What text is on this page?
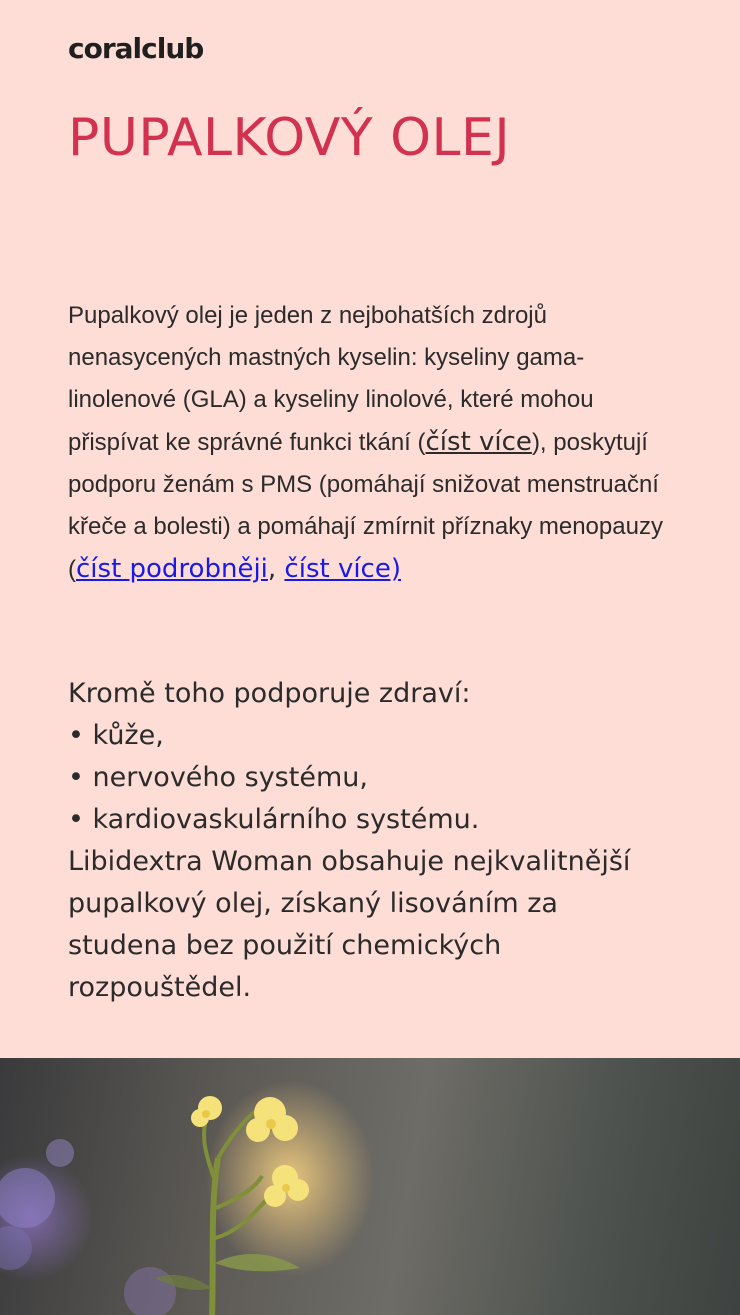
coralclub
PUPALKOVÝ OLEJ
Pupalkový olej je jeden z nejbohatších zdrojů nenasycených mastných kyselin: kyseliny gama-linolenové (GLA) a kyseliny linolové, které mohou přispívat ke správné funkci tkání (číst více), poskytují podporu ženám s PMS (pomáhají snižovat menstruační křeče a bolesti) a pomáhají zmírnit příznaky menopauzy (číst podrobněji, číst více)
Kromě toho podporuje zdraví:
• kůže,
• nervového systému,
• kardiovaskulárního systému.
Libidextra Woman obsahuje nejkvalitnější pupalkový olej, získaný lisováním za studena bez použití chemických rozpouštědel.
